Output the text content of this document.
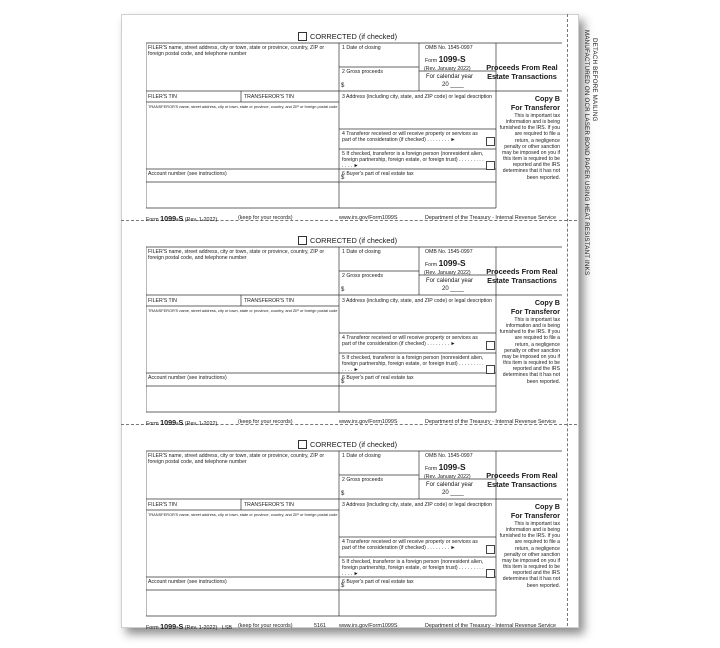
DETACH BEFORE MAILING
MANUFACTURED ON OCR LASER BOND PAPER USING HEAT RESISTANT INKS
CORRECTED (if checked)
FILER'S name, street address, city or town, state or province, country, ZIP or foreign postal code, and telephone number
1 Date of closing	OMB No. 1545-0997
Form 1099-S
(Rev. January 2022)
2 Gross proceeds
$
For calendar year
20 ____
Proceeds From Real Estate Transactions
FILER'S TIN	TRANSFEROR'S TIN	3 Address (including city, state, and ZIP code) or legal description	Copy B
For Transferor
This is important tax information and is being furnished to the IRS. If you are required to file a return, a negligence penalty or other sanction may be imposed on you if this item is required to be reported and the IRS determines that it has not been reported.
TRANSFEROR'S name, street address, city or town, state or province, country, and ZIP or foreign postal code
4 Transferor received or will receive property or services as part of the consideration (if checked) . . . . . . . . ►
5 If checked, transferor is a foreign person (nonresident alien, foreign partnership, foreign estate, or foreign trust) . . . . . . . . . . . . . ►
Account number (see instructions)	6 Buyer's part of real estate tax
$
Form 1099-S (Rev. 1-2022)	(keep for your records)	www.irs.gov/Form1099S	Department of the Treasury - Internal Revenue Service
CORRECTED (if checked)
FILER'S name, street address, city or town, state or province, country, ZIP or foreign postal code, and telephone number
1 Date of closing	OMB No. 1545-0997
Form 1099-S
(Rev. January 2022)
2 Gross proceeds
$
For calendar year
20 ____
Proceeds From Real Estate Transactions
FILER'S TIN	TRANSFEROR'S TIN	3 Address (including city, state, and ZIP code) or legal description	Copy B
For Transferor
This is important tax information and is being furnished to the IRS. If you are required to file a return, a negligence penalty or other sanction may be imposed on you if this item is required to be reported and the IRS determines that it has not been reported.
TRANSFEROR'S name, street address, city or town, state or province, country, and ZIP or foreign postal code
4 Transferor received or will receive property or services as part of the consideration (if checked) . . . . . . . . ►
5 If checked, transferor is a foreign person (nonresident alien, foreign partnership, foreign estate, or foreign trust) . . . . . . . . . . . . . ►
Account number (see instructions)	6 Buyer's part of real estate tax
$
Form 1099-S (Rev. 1-2022)	(keep for your records)	www.irs.gov/Form1099S	Department of the Treasury - Internal Revenue Service
CORRECTED (if checked)
FILER'S name, street address, city or town, state or province, country, ZIP or foreign postal code, and telephone number
1 Date of closing	OMB No. 1545-0997
Form 1099-S
(Rev. January 2022)
2 Gross proceeds
$
For calendar year
20 ____
Proceeds From Real Estate Transactions
FILER'S TIN	TRANSFEROR'S TIN	3 Address (including city, state, and ZIP code) or legal description	Copy B
For Transferor
This is important tax information and is being furnished to the IRS. If you are required to file a return, a negligence penalty or other sanction may be imposed on you if this item is required to be reported and the IRS determines that it has not been reported.
TRANSFEROR'S name, street address, city or town, state or province, country, and ZIP or foreign postal code
4 Transferor received or will receive property or services as part of the consideration (if checked) . . . . . . . . ►
5 If checked, transferor is a foreign person (nonresident alien, foreign partnership, foreign estate, or foreign trust) . . . . . . . . . . . . . ►
Account number (see instructions)	6 Buyer's part of real estate tax
$
Form 1099-S (Rev. 1-2022) LSB (keep for your records)	5161 www.irs.gov/Form1099S	Department of the Treasury - Internal Revenue Service
